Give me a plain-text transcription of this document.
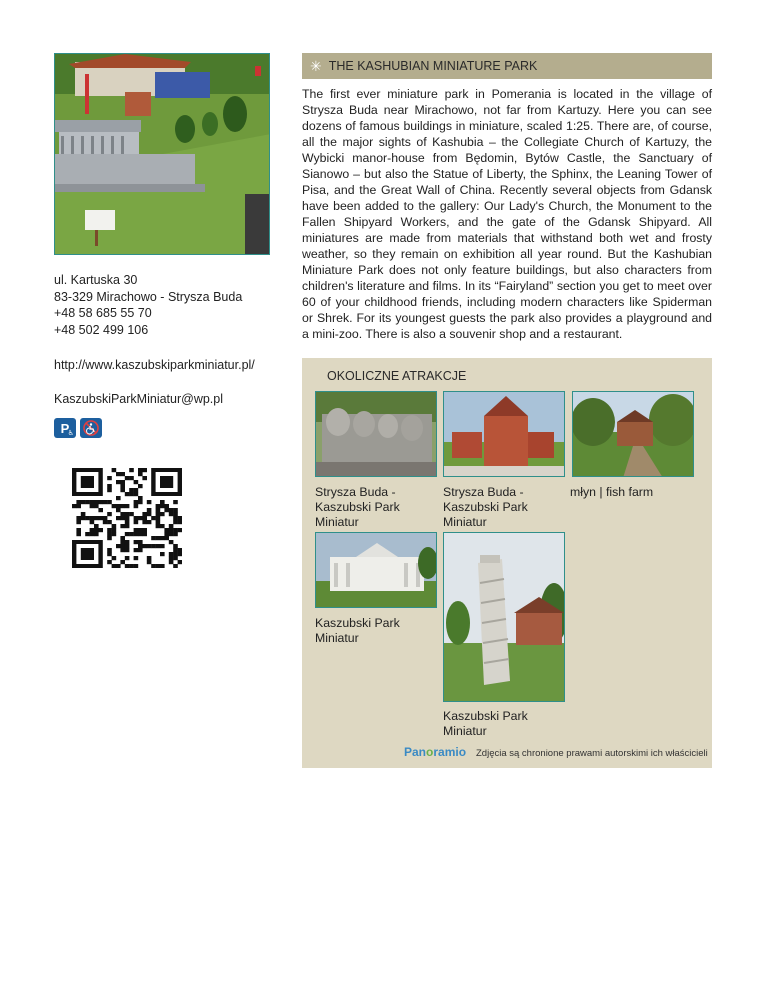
ul. Kartuska 30
83-329 Mirachowo - Strysza Buda
+48 58 685 55 70
+48 502 499 106
http://www.kaszubskiparkminiatur.pl/
KaszubskiParkMiniatur@wp.pl
P
♿
✳ THE KASHUBIAN MINIATURE PARK

The first ever miniature park in Pomerania is located in the village of Strysza Buda near Mirachowo, not far from Kartuzy. Here you can see dozens of famous buildings in miniature, scaled 1:25. There are, of course, all the major sights of Kashubia – the Collegiate Church of Kartuzy, the Wybicki manor-house from Będomin, Bytów Castle, the Sanctuary of Sianowo – but also the Statue of Liberty, the Sphinx, the Leaning Tower of Pisa, and the Great Wall of China. Recently several objects from Gdansk have been added to the gallery: Our Lady's Church, the Monument to the Fallen Shipyard Workers, and the gate of the Gdansk Shipyard. All miniatures are made from materials that withstand both wet and frosty weather, so they remain on exhibition all year round. But the Kashubian Miniature Park does not only feature buildings, but also characters from children's literature and films. In its “Fairyland” section you get to meet over 60 of your childhood friends, including modern characters like Spiderman or Shrek. For its youngest guests the park also provides a playground and a mini-zoo. There is also a souvenir shop and a restaurant.

OKOLICZNE ATRAKCJE
Strysza Buda - Kaszubski Park Miniatur
Strysza Buda - Kaszubski Park Miniatur
młyn | fish farm
Kaszubski Park Miniatur
Kaszubski Park Miniatur
Panoramio Zdjęcia są chronione prawami autorskimi ich właścicieli
